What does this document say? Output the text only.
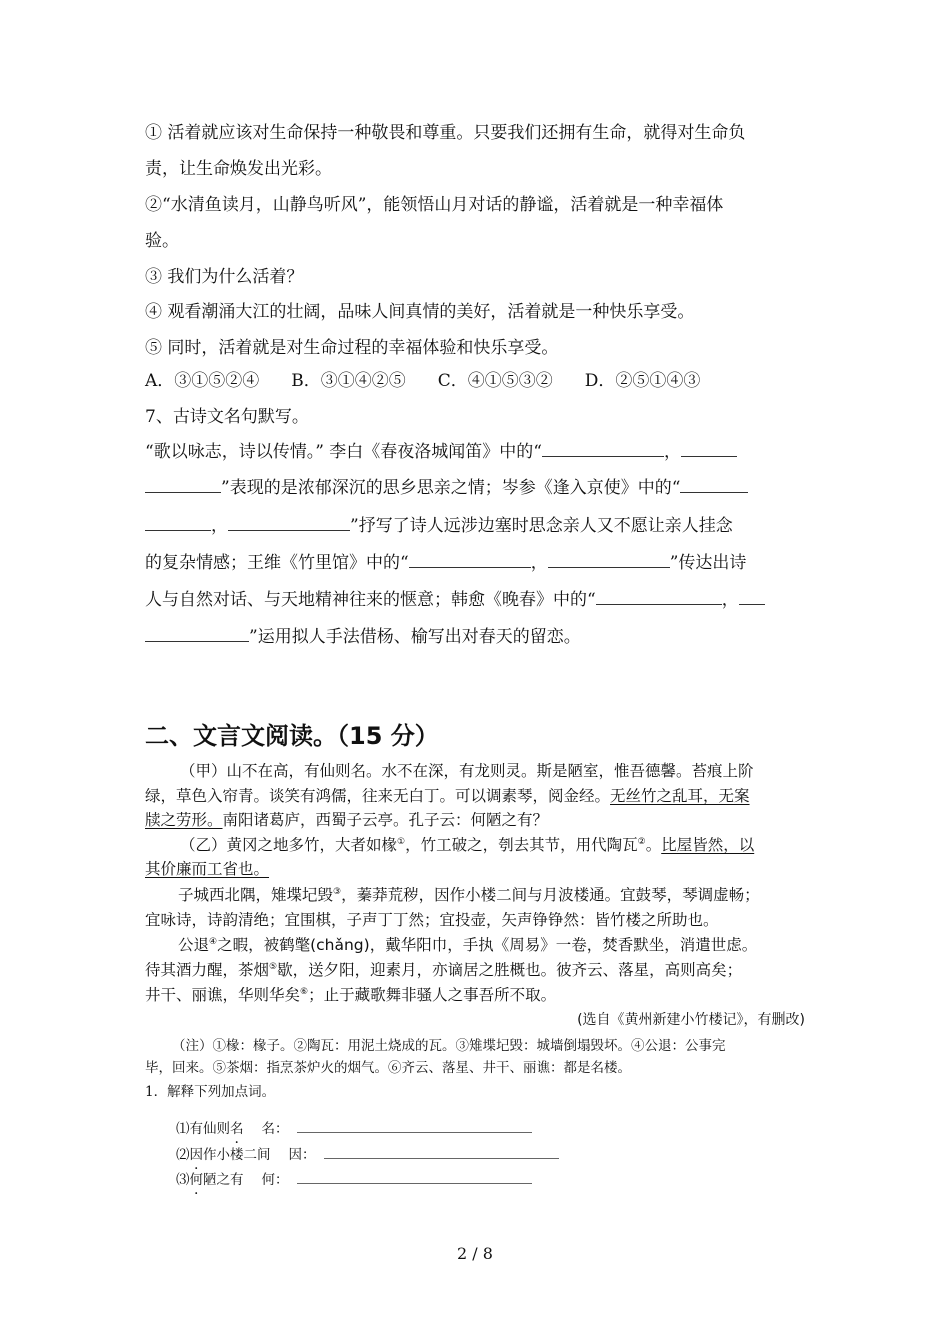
① 活着就应该对生命保持一种敬畏和尊重。只要我们还拥有生命，就得对生命负
责，让生命焕发出光彩。
②“水清鱼读月，山静鸟听风”，能领悟山月对话的静谧，活着就是一种幸福体
验。
③ 我们为什么活着？
④ 观看潮涌大江的壮阔，品味人间真情的美好，活着就是一种快乐享受。
⑤ 同时，活着就是对生命过程的幸福体验和快乐享受。
A．③①⑤②④ B．③①④②⑤ C．④①⑤③② D．②⑤①④③
7、古诗文名句默写。
“歌以咏志，诗以传情。” 李白《春夜洛城闻笛》中的“	，
”表现的是浓郁深沉的思乡思亲之情；岑参《逢入京使》中的“
，	”抒写了诗人远涉边塞时思念亲人又不愿让亲人挂念
的复杂情感；王维《竹里馆》中的“	，	”传达出诗
人与自然对话、与天地精神往来的惬意；韩愈《晚春》中的“	，
”运用拟人手法借杨、榆写出对春天的留恋。
二、文言文阅读。（15 分）
（甲）山不在高，有仙则名。水不在深，有龙则灵。斯是陋室，惟吾德馨。苔痕上阶
绿，草色入帘青。谈笑有鸿儒，往来无白丁。可以调素琴，阅金经。无丝竹之乱耳，无案
牍之劳形。南阳诸葛庐，西蜀子云亭。孔子云：何陋之有？
（乙）黄冈之地多竹，大者如椽①，竹工破之，刳去其节，用代陶瓦②。比屋皆然，以
其价廉而工省也。
子城西北隅，雉堞圮毁③，蓁莽荒秽，因作小楼二间与月波楼通。宜鼓琴，琴调虚畅；
宜咏诗，诗韵清绝；宜围棋，子声丁丁然；宜投壶，矢声铮铮然：皆竹楼之所助也。
公退④之暇，被鹤氅(chǎng)，戴华阳巾，手执《周易》一卷，焚香默坐，消遣世虑。
待其酒力醒，茶烟⑤歇，送夕阳，迎素月，亦谪居之胜概也。彼齐云、落星，高则高矣；
井干、丽谯，华则华矣⑥；止于藏歌舞非骚人之事吾所不取。
(选自《黄州新建小竹楼记》，有删改)
（注）①椽：椽子。②陶瓦：用泥土烧成的瓦。③雉堞圮毁：城墙倒塌毁坏。④公退：公事完
毕，回来。⑤茶烟：指烹茶炉火的烟气。⑥齐云、落星、井干、丽谯：都是名楼。
1．解释下列加点词。
⑴有仙则名 名：
⑵因作小楼二间 因：
⑶何陋之有 何：
2 / 8
